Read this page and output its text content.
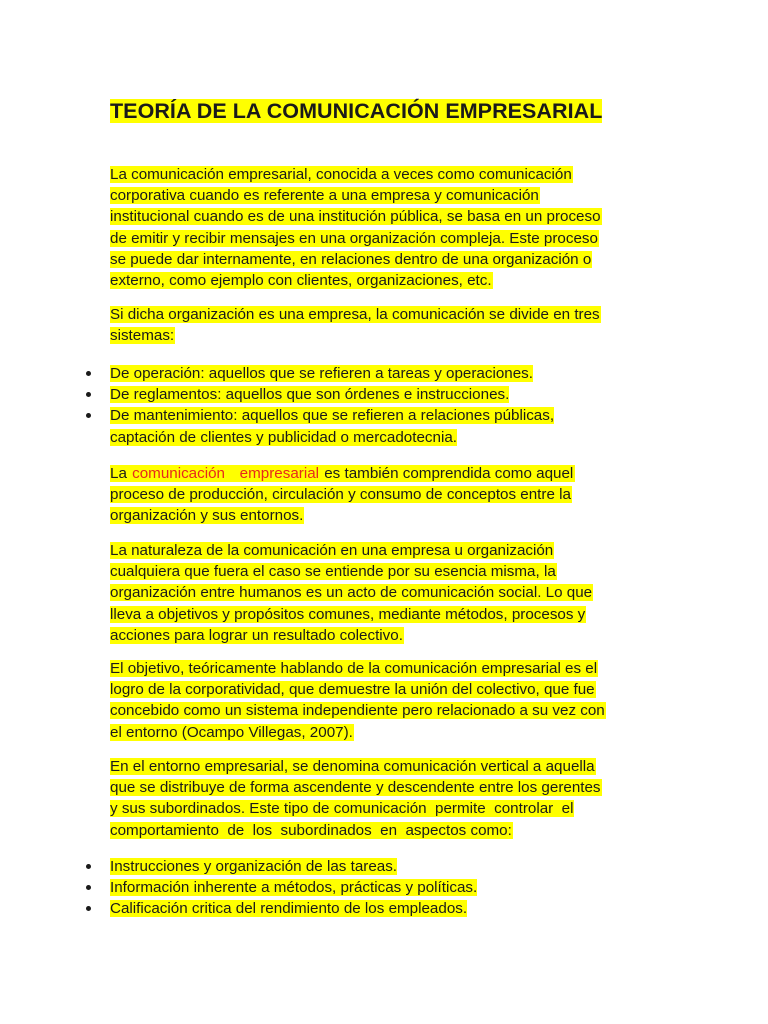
TEORÍA DE LA COMUNICACIÓN EMPRESARIAL

La comunicación empresarial, conocida a veces como comunicación
corporativa cuando es referente a una empresa y comunicación
institucional cuando es de una institución pública, se basa en un proceso
de emitir y recibir mensajes en una organización compleja. Este proceso
se puede dar internamente, en relaciones dentro de una organización o
externo, como ejemplo con clientes, organizaciones, etc.

Si dicha organización es una empresa, la comunicación se divide en tres
sistemas:

De operación: aquellos que se refieren a tareas y operaciones.
De reglamentos: aquellos que son órdenes e instrucciones.
De mantenimiento: aquellos que se refieren a relaciones públicas,
captación de clientes y publicidad o mercadotecnia.

La comunicación empresarial es también comprendida como aquel
proceso de producción, circulación y consumo de conceptos entre la
organización y sus entornos.

La naturaleza de la comunicación en una empresa u organización
cualquiera que fuera el caso se entiende por su esencia misma, la
organización entre humanos es un acto de comunicación social. Lo que
lleva a objetivos y propósitos comunes, mediante métodos, procesos y
acciones para lograr un resultado colectivo.

El objetivo, teóricamente hablando de la comunicación empresarial es el
logro de la corporatividad, que demuestre la unión del colectivo, que fue
concebido como un sistema independiente pero relacionado a su vez con
el entorno (Ocampo Villegas, 2007).

En el entorno empresarial, se denomina comunicación vertical a aquella
que se distribuye de forma ascendente y descendente entre los gerentes
y sus subordinados. Este tipo de comunicación  permite  controlar  el
comportamiento  de  los  subordinados  en  aspectos como:

Instrucciones y organización de las tareas.
Información inherente a métodos, prácticas y políticas.
Calificación critica del rendimiento de los empleados.
